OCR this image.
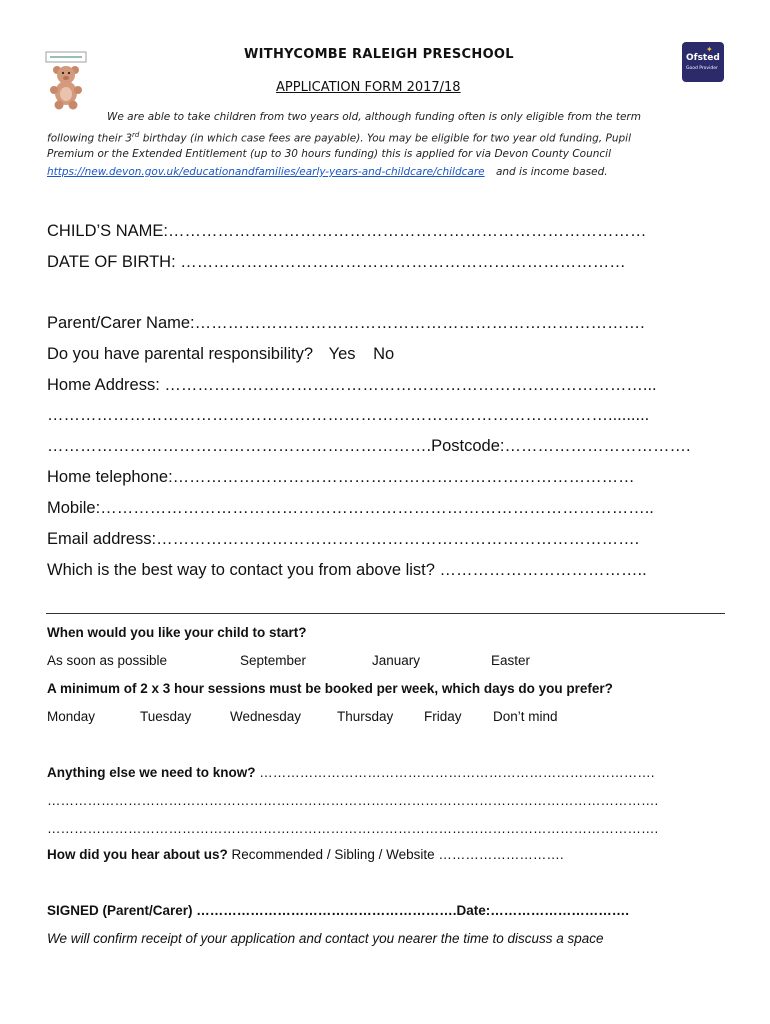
Ofsted
Good Provider
✦
WITHYCOMBE RALEIGH PRESCHOOL
APPLICATION FORM 2017/18
We are able to take children from two years old, although funding often is only eligible from the term
following their 3rd birthday (in which case fees are payable). You may be eligible for two year old funding, Pupil
Premium or the Extended Entitlement (up to 30 hours funding) this is applied for via Devon County Council
https://new.devon.gov.uk/educationandfamilies/early-years-and-childcare/childcare and is income based.
CHILD’S NAME:……………………………………………………………………………
DATE OF BIRTH: ………………………………………………………………………
Parent/Carer Name:……………………………………………………………………….
Do you have parental responsibility? Yes No
Home Address: ……………………………………………………………………………...
………………………………………………………………………………………….........
…………………………………………………………….Postcode:…………………………….
Home telephone:…………………………………………………………………………
Mobile:………………………………………………………………………………………..
Email address:…………………………………………………………………………….
Which is the best way to contact you from above list? ………………………………..
When would you like your child to start?
As soon as possible	September	January	Easter
A minimum of 2 x 3 hour sessions must be booked per week, which days do you prefer?
Monday	Tuesday	Wednesday	Thursday Friday Don’t mind
Anything else we need to know? …………………………………………………………………………….
……………………………………………………………………………………………………………………….
……………………………………………………………………………………………………………………….
How did you hear about us? Recommended / Sibling / Website ……………………….
SIGNED (Parent/Carer) ………………………………………………….Date:………………………….
We will confirm receipt of your application and contact you nearer the time to discuss a space
